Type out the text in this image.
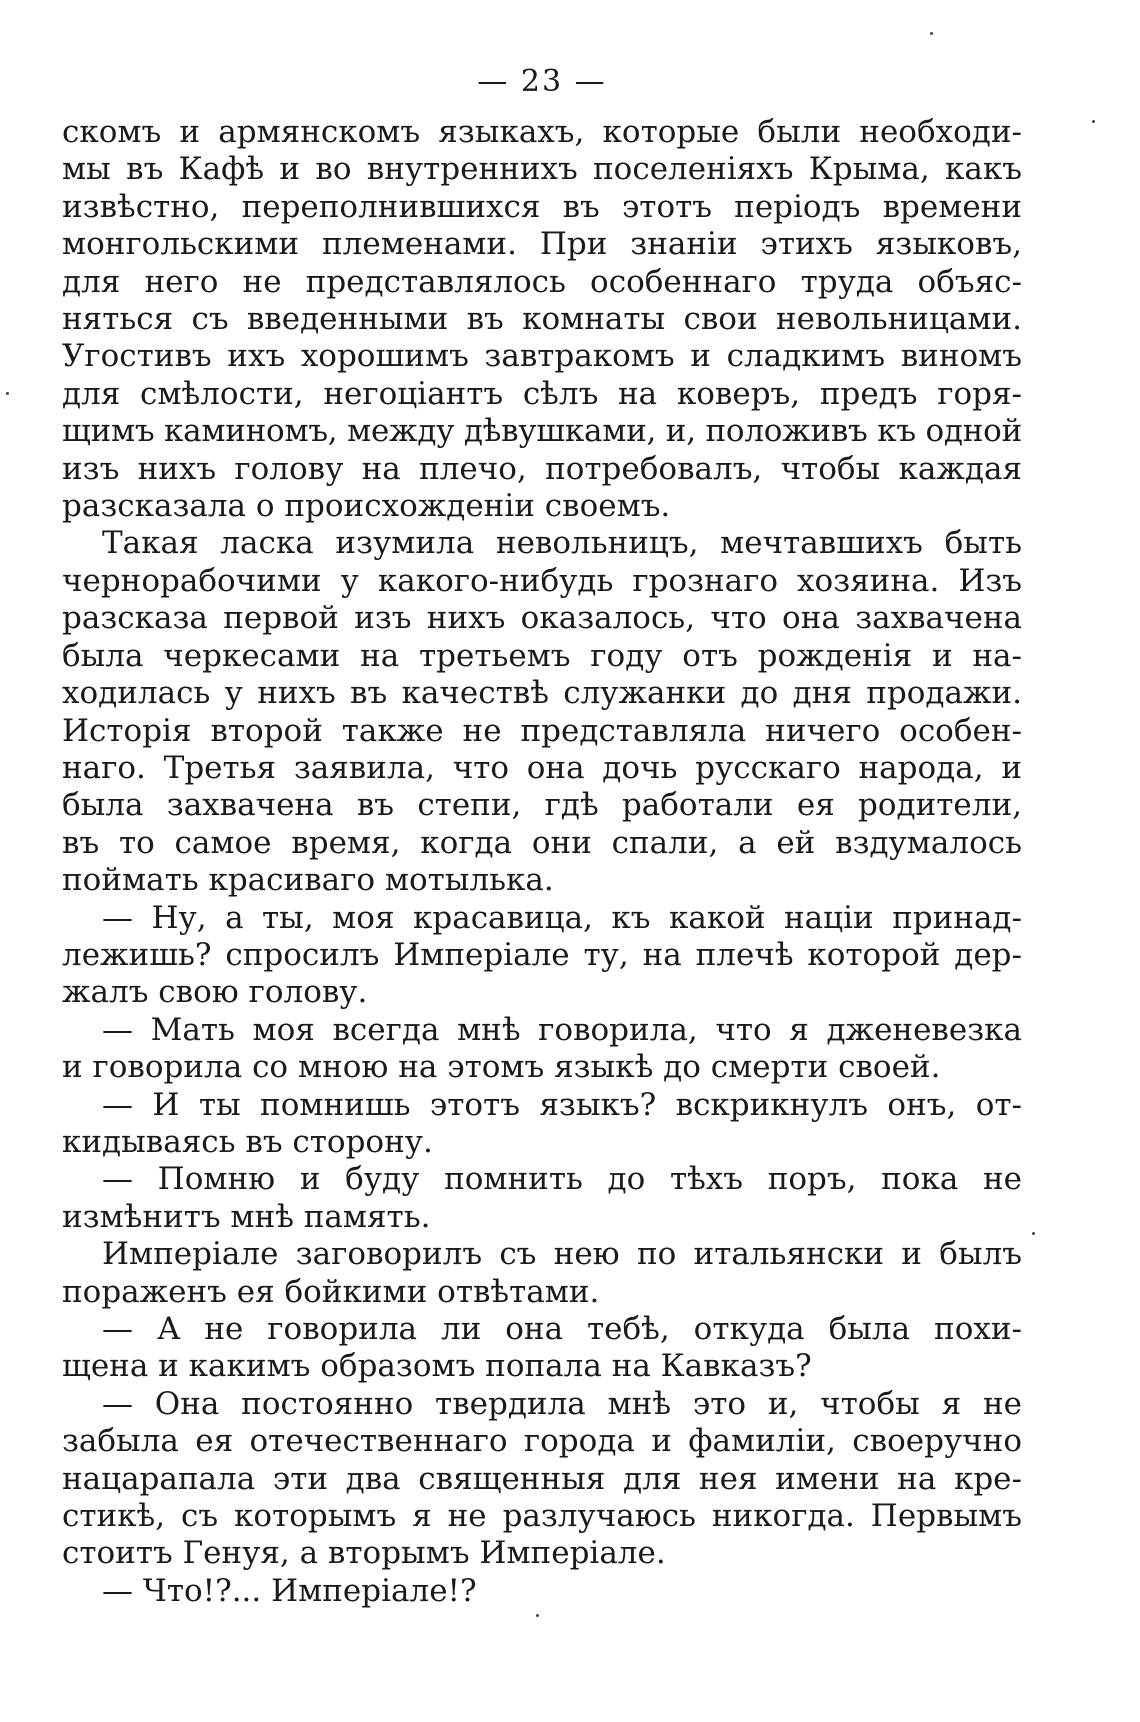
— 23 —
скомъ и армянскомъ языкахъ, которые были необходи-
мы въ Кафѣ и во внутреннихъ поселеніяхъ Крыма, какъ
извѣстно, переполнившихся въ этотъ періодъ времени
монгольскими племенами. При знаніи этихъ языковъ,
для него не представлялось особеннаго труда объяс-
няться съ введенными въ комнаты свои невольницами.
Угостивъ ихъ хорошимъ завтракомъ и сладкимъ виномъ
для смѣлости, негоціантъ сѣлъ на коверъ, предъ горя-
щимъ каминомъ, между дѣвушками, и, положивъ къ одной
изъ нихъ голову на плечо, потребовалъ, чтобы каждая
разсказала о происхожденіи своемъ.
Такая ласка изумила невольницъ, мечтавшихъ быть
чернорабочими у какого-нибудь грознаго хозяина. Изъ
разсказа первой изъ нихъ оказалось, что она захвачена
была черкесами на третьемъ году отъ рожденія и на-
ходилась у нихъ въ качествѣ служанки до дня продажи.
Исторія второй также не представляла ничего особен-
наго. Третья заявила, что она дочь русскаго народа, и
была захвачена въ степи, гдѣ работали ея родители,
въ то самое время, когда они спали, а ей вздумалось
поймать красиваго мотылька.
— Ну, а ты, моя красавица, къ какой націи принад-
лежишь? спросилъ Имперіале ту, на плечѣ которой дер-
жалъ свою голову.
— Мать моя всегда мнѣ говорила, что я дженевезка
и говорила со мною на этомъ языкѣ до смерти своей.
— И ты помнишь этотъ языкъ? вскрикнулъ онъ, от-
кидываясь въ сторону.
— Помню и буду помнить до тѣхъ поръ, пока не
измѣнитъ мнѣ память.
Имперіале заговорилъ съ нею по итальянски и былъ
пораженъ ея бойкими отвѣтами.
— А не говорила ли она тебѣ, откуда была похи-
щена и какимъ образомъ попала на Кавказъ?
— Она постоянно твердила мнѣ это и, чтобы я не
забыла ея отечественнаго города и фамиліи, своеручно
нацарапала эти два священныя для нея имени на кре-
стикѣ, съ которымъ я не разлучаюсь никогда. Первымъ
стоитъ Генуя, а вторымъ Имперіале.
— Что!?... Имперіале!?
